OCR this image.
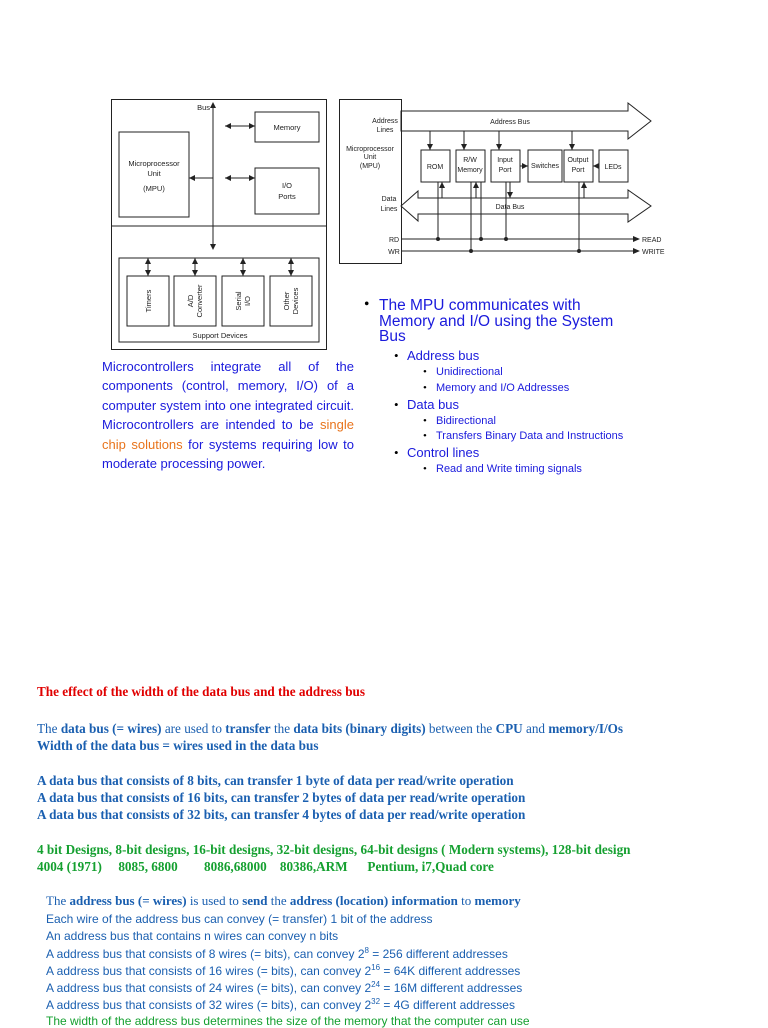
Bus
Memory
Microprocessor
Unit
(MPU)	I/O
Ports
Support Devices
Timers	A/D Converter	Serial I/O	Other Devices
Address
Lines
Address Bus
Microprocessor
Unit
(MPU)	ROM
R/W
Memory
Input
Port
Switches
Output
Port	LEDs
Data
Lines	Data Bus
RD
WR
READ
WRITE

Microcontrollers integrate all of the components (control, memory, I/O) of a computer system into one integrated circuit. Microcontrollers are intended to be single chip solutions for systems requiring low to moderate processing power.

• The MPU communicates with
Memory and I/O using the System
Bus
• Address bus
• Unidirectional
• Memory and I/O Addresses
• Data bus
• Bidirectional
• Transfers Binary Data and Instructions
• Control lines
• Read and Write timing signals
The effect of the width of the data bus and the address bus
The data bus (= wires) are used to transfer the data bits (binary digits) between the CPU and memory/I/Os
Width of the data bus = wires used in the data bus
A data bus that consists of 8 bits, can transfer 1 byte of data per read/write operation
A data bus that consists of 16 bits, can transfer 2 bytes of data per read/write operation
A data bus that consists of 32 bits, can transfer 4 bytes of data per read/write operation
4 bit Designs, 8-bit designs, 16-bit designs, 32-bit designs, 64-bit designs ( Modern systems), 128-bit design
4004 (1971)     8085, 6800        8086,68000    80386,ARM      Pentium, i7,Quad core
The address bus (= wires) is used to send the address (location) information to memory
Each wire of the address bus can convey (= transfer) 1 bit of the address
An address bus that contains n wires can convey n bits
A address bus that consists of 8 wires (= bits), can convey $2^8 = 256$ different addresses
A address bus that consists of 16 wires (= bits), can convey $2^{16} = 64K$ different addresses
A address bus that consists of 24 wires (= bits), can convey $2^{24} = 16M$ different addresses
A address bus that consists of 32 wires (= bits), can convey $2^{32} = 4G$ different addresses
The width of the address bus determines the size of the memory that the computer can use
